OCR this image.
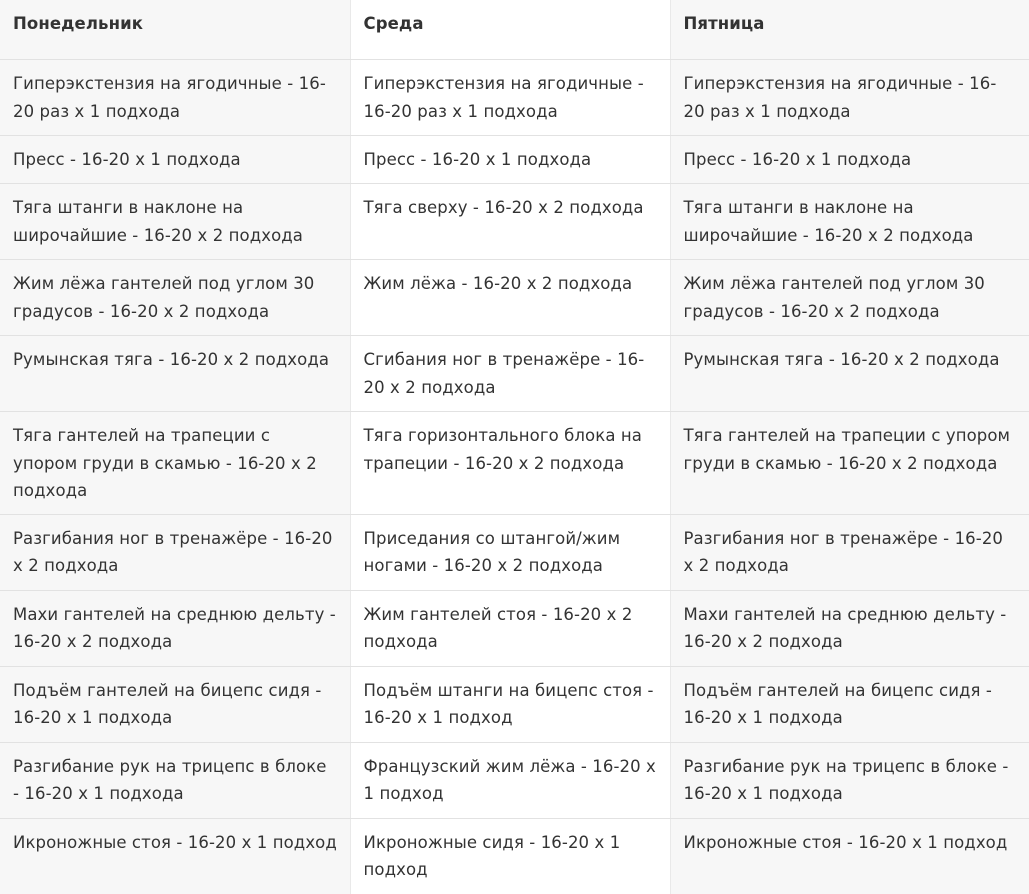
Понедельник	Среда	Пятница
Гиперэкстензия на ягодичные - 16-20 раз х 1 подхода	Гиперэкстензия на ягодичные - 16-20 раз х 1 подхода	Гиперэкстензия на ягодичные - 16-20 раз х 1 подхода
Пресс - 16-20 х 1 подхода	Пресс - 16-20 х 1 подхода	Пресс - 16-20 х 1 подхода
Тяга штанги в наклоне на широчайшие - 16-20 х 2 подхода	Тяга сверху - 16-20 х 2 подхода	Тяга штанги в наклоне на широчайшие - 16-20 х 2 подхода
Жим лёжа гантелей под углом 30 градусов - 16-20 х 2 подхода	Жим лёжа - 16-20 х 2 подхода	Жим лёжа гантелей под углом 30 градусов - 16-20 х 2 подхода
Румынская тяга - 16-20 х 2 подхода	Сгибания ног в тренажёре - 16-20 х 2 подхода	Румынская тяга - 16-20 х 2 подхода
Тяга гантелей на трапеции с упором груди в скамью - 16-20 х 2 подхода	Тяга горизонтального блока на трапеции - 16-20 х 2 подхода	Тяга гантелей на трапеции с упором груди в скамью - 16-20 х 2 подхода
Разгибания ног в тренажёре - 16-20 х 2 подхода	Приседания со штангой/жим ногами - 16-20 х 2 подхода	Разгибания ног в тренажёре - 16-20 х 2 подхода
Махи гантелей на среднюю дельту - 16-20 х 2 подхода	Жим гантелей стоя - 16-20 х 2 подхода	Махи гантелей на среднюю дельту - 16-20 х 2 подхода
Подъём гантелей на бицепс сидя - 16-20 х 1 подхода	Подъём штанги на бицепс стоя - 16-20 х 1 подход	Подъём гантелей на бицепс сидя - 16-20 х 1 подхода
Разгибание рук на трицепс в блоке - 16-20 х 1 подхода	Французский жим лёжа - 16-20 х 1 подход	Разгибание рук на трицепс в блоке - 16-20 х 1 подхода
Икроножные стоя - 16-20 х 1 подход	Икроножные сидя - 16-20 х 1 подход	Икроножные стоя - 16-20 х 1 подход
